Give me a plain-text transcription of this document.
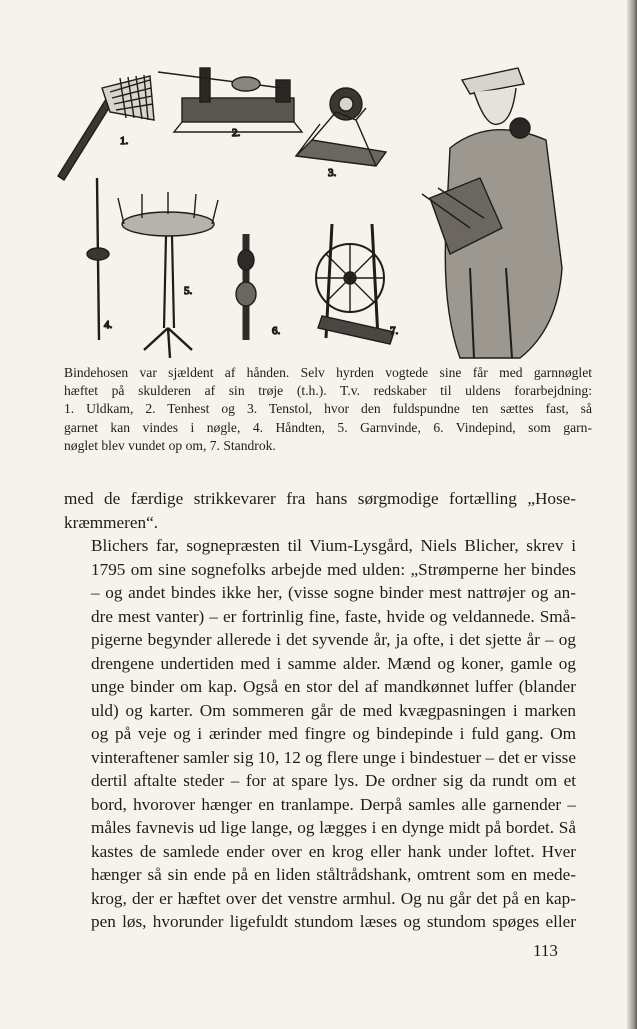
1.
2.
3.
4.
5.
6.	7.

Bindehosen var sjældent af hånden. Selv hyrden vogtede sine får med garnnøglet
hæftet på skulderen af sin trøje (t.h.). T.v. redskaber til uldens forarbejdning:
1. Uldkam, 2. Tenhest og 3. Tenstol, hvor den fuldspundne ten sættes fast, så
garnet kan vindes i nøgle, 4. Håndten, 5. Garnvinde, 6. Vindepind, som garn-
nøglet blev vundet op om, 7. Standrok.

med de færdige strikkevarer fra hans sørgmodige fortælling „Hose-
kræmmeren“.

Blichers far, sognepræsten til Vium-Lysgård, Niels Blicher, skrev i
1795 om sine sognefolks arbejde med ulden: „Strømperne her bindes
– og andet bindes ikke her, (visse sogne binder mest nattrøjer og an-
dre mest vanter) – er fortrinlig fine, faste, hvide og veldannede. Små-
pigerne begynder allerede i det syvende år, ja ofte, i det sjette år – og
drengene undertiden med i samme alder. Mænd og koner, gamle og
unge binder om kap. Også en stor del af mandkønnet luffer (blander
uld) og karter. Om sommeren går de med kvægpasningen i marken
og på veje og i ærinder med fingre og bindepinde i fuld gang. Om
vinteraftener samler sig 10, 12 og flere unge i bindestuer – det er visse
dertil aftalte steder – for at spare lys. De ordner sig da rundt om et
bord, hvorover hænger en tranlampe. Derpå samles alle garnender –
måles favnevis ud lige lange, og lægges i en dynge midt på bordet. Så
kastes de samlede ender over en krog eller hank under loftet. Hver
hænger så sin ende på en liden ståltrådshank, omtrent som en mede-
krog, der er hæftet over det venstre armhul. Og nu går det på en kap-
pen løs, hvorunder ligefuldt stundom læses og stundom spøges eller

113
